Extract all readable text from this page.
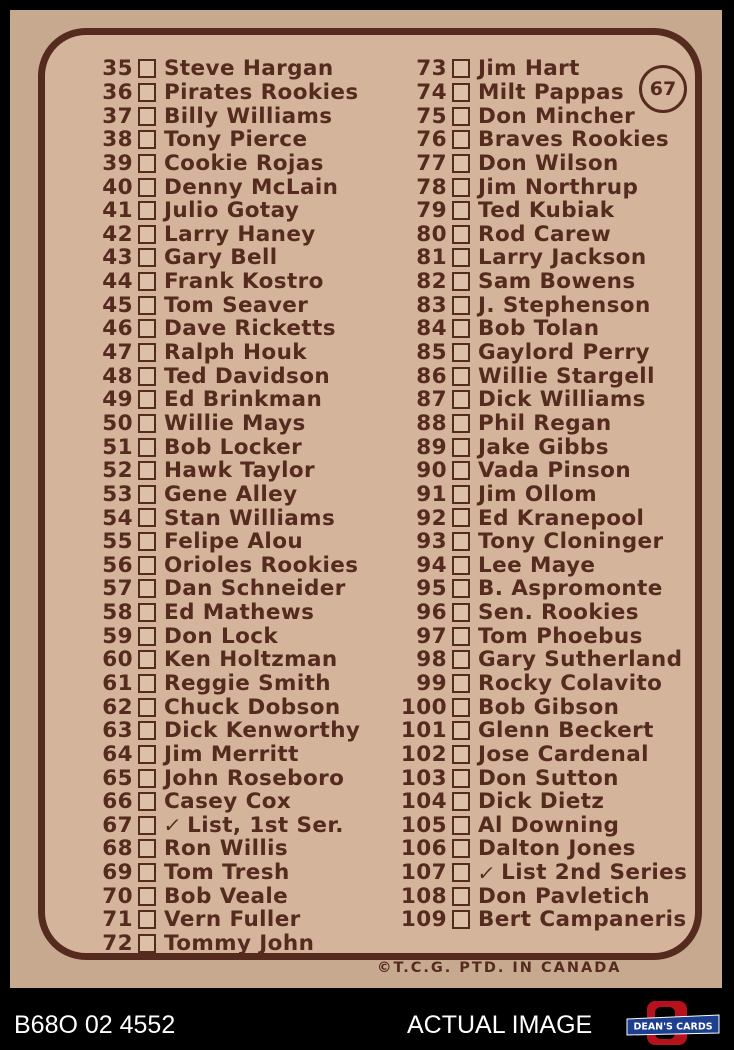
35 Steve Hargan
36 Pirates Rookies
37 Billy Williams
38 Tony Pierce
39 Cookie Rojas
40 Denny McLain
41 Julio Gotay
42 Larry Haney
43 Gary Bell
44 Frank Kostro
45 Tom Seaver
46 Dave Ricketts
47 Ralph Houk
48 Ted Davidson
49 Ed Brinkman
50 Willie Mays
51 Bob Locker
52 Hawk Taylor
53 Gene Alley
54 Stan Williams
55 Felipe Alou
56 Orioles Rookies
57 Dan Schneider
58 Ed Mathews
59 Don Lock
60 Ken Holtzman
61 Reggie Smith
62 Chuck Dobson
63 Dick Kenworthy
64 Jim Merritt
65 John Roseboro
66 Casey Cox
67 ✓ List, 1st Ser.
68 Ron Willis
69 Tom Tresh
70 Bob Veale
71 Vern Fuller
72 Tommy John
73 Jim Hart
74 Milt Pappas
75 Don Mincher
76 Braves Rookies
77 Don Wilson
78 Jim Northrup
79 Ted Kubiak
80 Rod Carew
81 Larry Jackson
82 Sam Bowens
83 J. Stephenson
84 Bob Tolan
85 Gaylord Perry
86 Willie Stargell
87 Dick Williams
88 Phil Regan
89 Jake Gibbs
90 Vada Pinson
91 Jim Ollom
92 Ed Kranepool
93 Tony Cloninger
94 Lee Maye
95 B. Aspromonte
96 Sen. Rookies
97 Tom Phoebus
98 Gary Sutherland
99 Rocky Colavito
100 Bob Gibson
101 Glenn Beckert
102 Jose Cardenal
103 Don Sutton
104 Dick Dietz
105 Al Downing
106 Dalton Jones
107 ✓ List 2nd Series
108 Don Pavletich
109 Bert Campaneris
67
©T.C.G. PTD. IN CANADA
B68O 02 4552	ACTUAL IMAGE	DEAN'S CARDS
